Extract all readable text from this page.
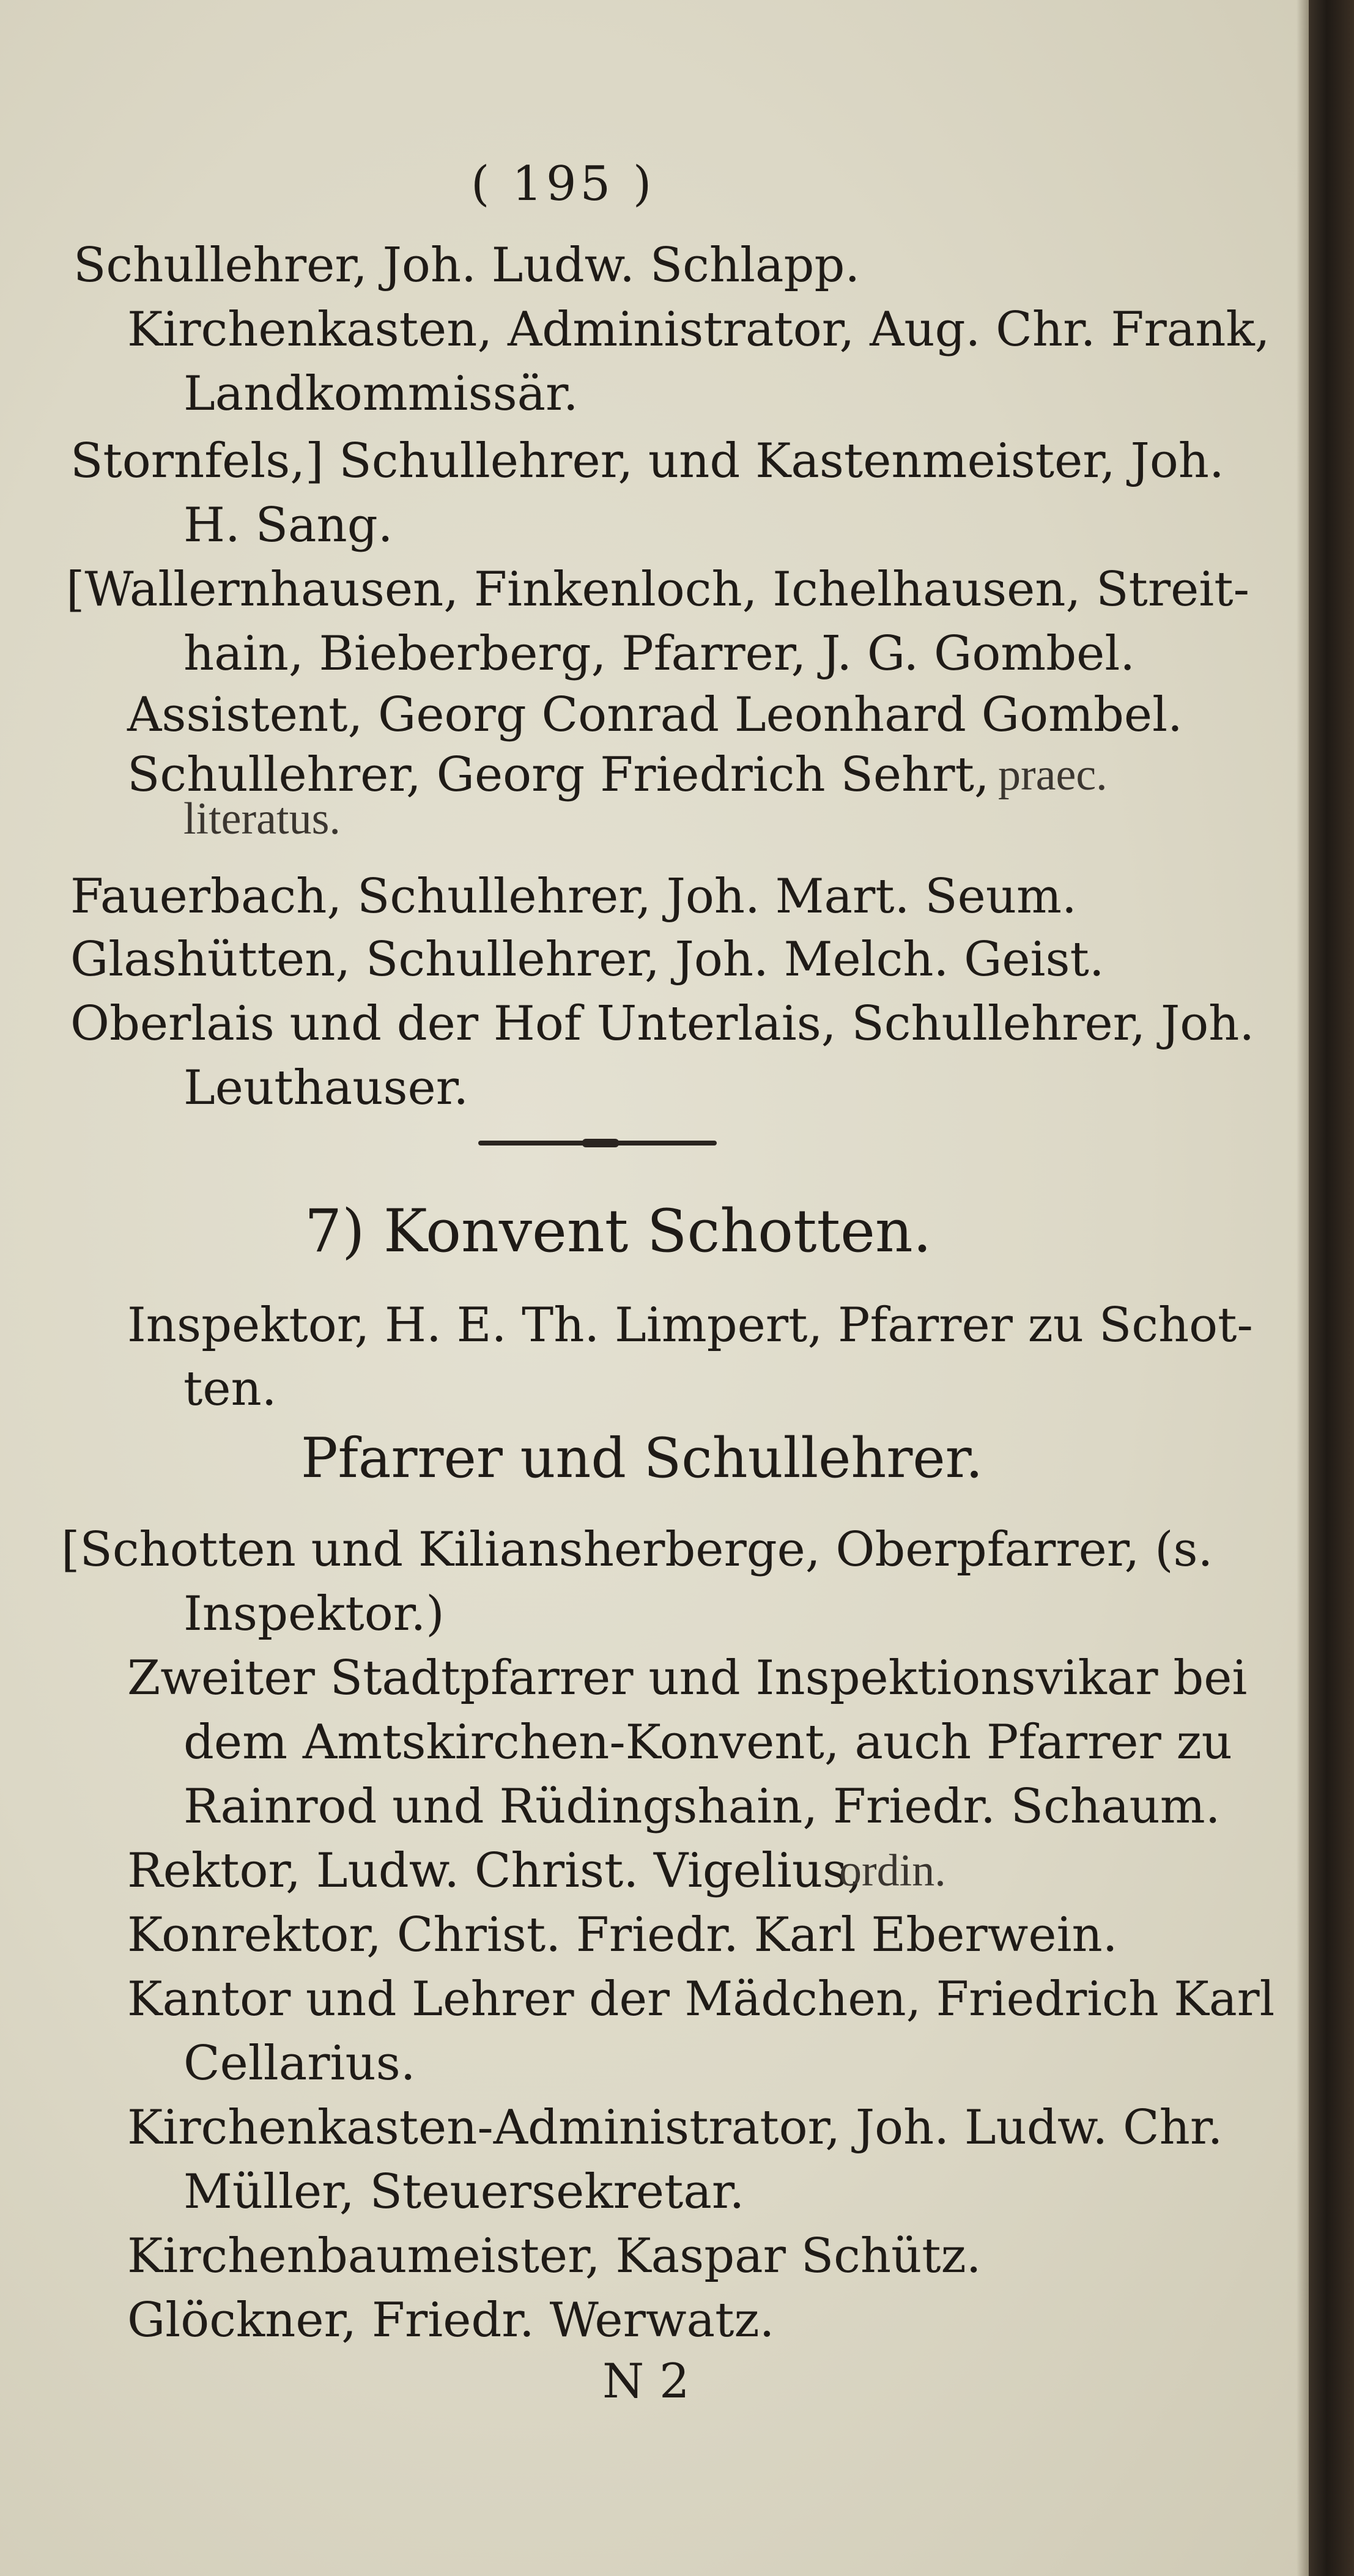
( 195 )
Schullehrer, Joh. Ludw. Schlapp.
Kirchenkasten, Administrator, Aug. Chr. Frank,
Landkommissär.
Stornfels,] Schullehrer, und Kastenmeister, Joh.
H. Sang.
[Wallernhausen, Finkenloch, Ichelhausen, Streit-
hain, Bieberberg, Pfarrer, J. G. Gombel.
Assistent, Georg Conrad Leonhard Gombel.
Schullehrer, Georg Friedrich Sehrt, praec.
literatus.
Fauerbach, Schullehrer, Joh. Mart. Seum.
Glashütten, Schullehrer, Joh. Melch. Geist.
Oberlais und der Hof Unterlais, Schullehrer, Joh.
Leuthauser.
7) Konvent Schotten.
Inspektor, H. E. Th. Limpert, Pfarrer zu Schot-
ten.
Pfarrer und Schullehrer.
[Schotten und Kiliansherberge, Oberpfarrer, (s.
Inspektor.)
Zweiter Stadtpfarrer und Inspektionsvikar bei
dem Amtskirchen-Konvent, auch Pfarrer zu
Rainrod und Rüdingshain, Friedr. Schaum.
Rektor, Ludw. Christ. Vigelius,
ordin.
Konrektor, Christ. Friedr. Karl Eberwein.
Kantor und Lehrer der Mädchen, Friedrich Karl
Cellarius.
Kirchenkasten-Administrator, Joh. Ludw. Chr.
Müller, Steuersekretar.
Kirchenbaumeister, Kaspar Schütz.
Glöckner, Friedr. Werwatz.
N 2
